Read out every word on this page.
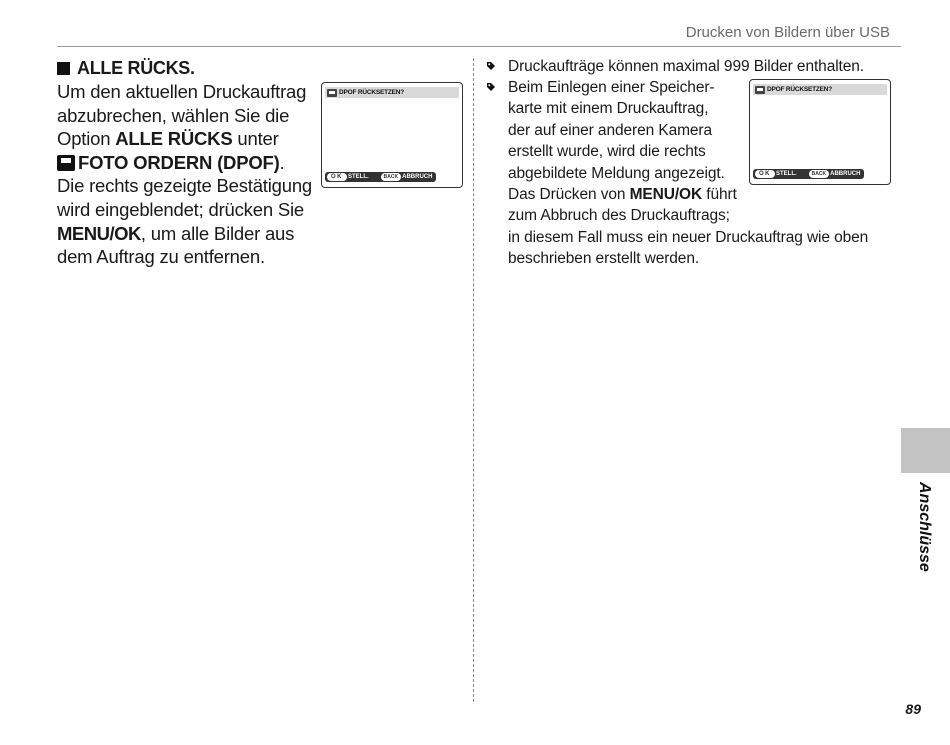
Drucken von Bildern über USB
ALLE RÜCKS.
Um den aktuellen Druckauftrag abzubrechen, wählen Sie die Option ALLE RÜCKS unter
FOTO ORDERN (DPOF). Die rechts gezeigte Bestätigung wird eingeblendet; drücken Sie MENU/OK, um alle Bilder aus dem Auftrag zu entfernen.
DPOF RÜCKSETZEN?
OK STELL.	BACK ABBRUCH
Druckaufträge können maximal 999 Bilder enthalten.
Beim Einlegen einer Speicher-
karte mit einem Druckauftrag,
der auf einer anderen Kamera
erstellt wurde, wird die rechts
abgebildete Meldung angezeigt.
Das Drücken von MENU/OK führt
zum Abbruch des Druckauftrags;
in diesem Fall muss ein neuer Druckauftrag wie oben
beschrieben erstellt werden.
DPOF RÜCKSETZEN?
OK STELL.	BACK ABBRUCH
Anschlüsse
89
